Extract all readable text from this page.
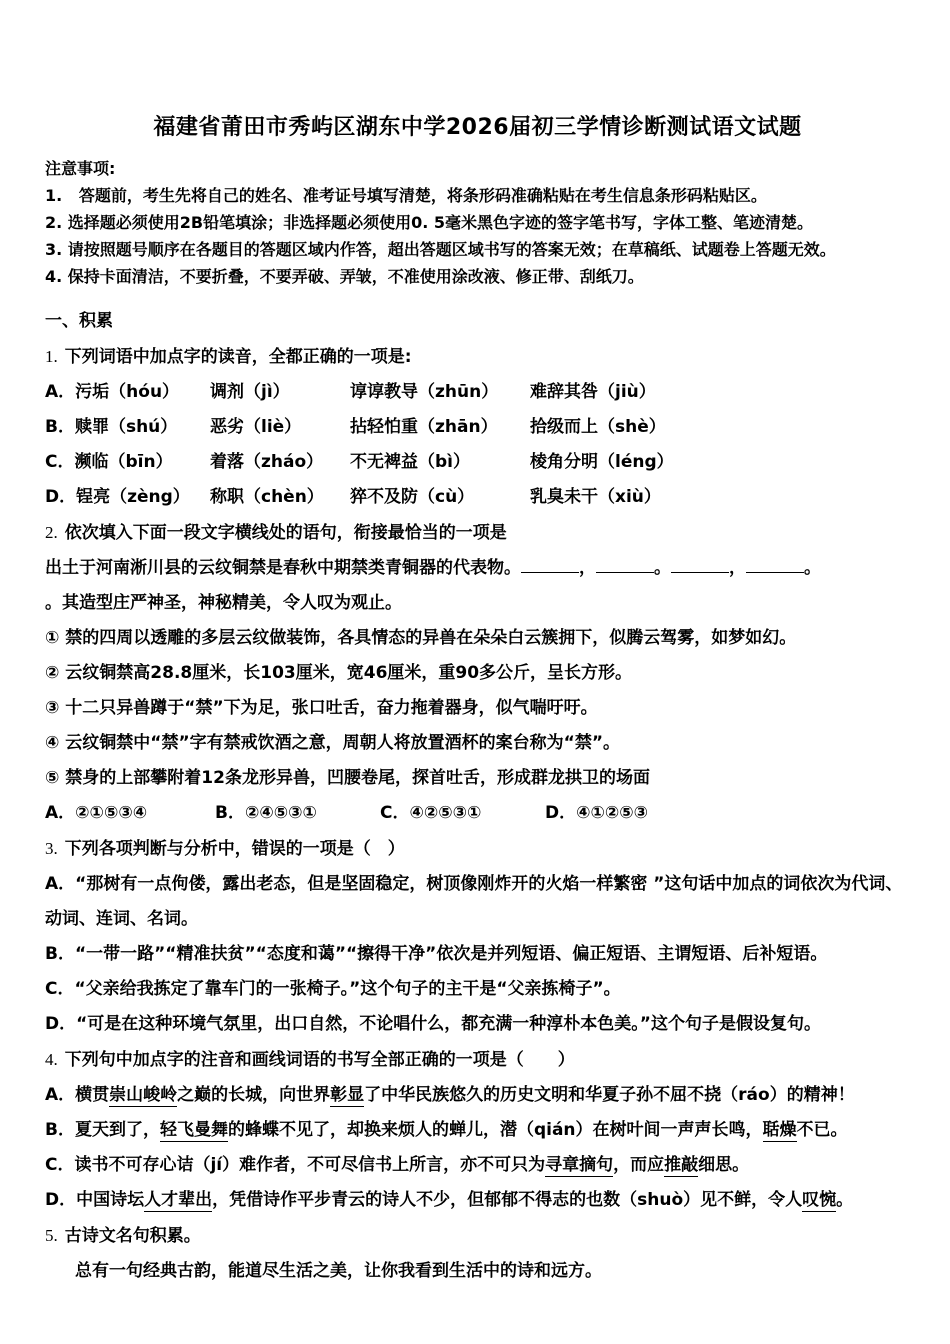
福建省莆田市秀屿区湖东中学2026届初三学情诊断测试语文试题
注意事项:
1.   答题前，考生先将自己的姓名、准考证号填写清楚，将条形码准确粘贴在考生信息条形码粘贴区。
2. 选择题必须使用2B铅笔填涂；非选择题必须使用0. 5毫米黑色字迹的签字笔书写，字体工整、笔迹清楚。
3. 请按照题号顺序在各题目的答题区域内作答，超出答题区域书写的答案无效；在草稿纸、试题卷上答题无效。
4. 保持卡面清洁，不要折叠，不要弄破、弄皱，不准使用涂改液、修正带、刮纸刀。
一、积累
1. 下列词语中加点字的读音，全都正确的一项是:
A．污垢（hóu）	调剂（jì）	谆谆教导（zhūn）	难辞其咎（jiù）
B．赎罪（shú）	恶劣（liè）	拈轻怕重（zhān）	拾级而上（shè）
C．濒临（bīn）	着落（zháo）	不无裨益（bì）	棱角分明（léng）
D．锃亮（zèng）	称职（chèn）	猝不及防（cù）	乳臭未干（xiù）
2. 依次填入下面一段文字横线处的语句，衔接最恰当的一项是
出土于河南淅川县的云纹铜禁是春秋中期禁类青铜器的代表物。	，	。	，	。
。其造型庄严神圣，神秘精美，令人叹为观止。
① 禁的四周以透雕的多层云纹做装饰，各具情态的异兽在朵朵白云簇拥下，似腾云驾雾，如梦如幻。
② 云纹铜禁高28.8厘米，长103厘米，宽46厘米，重90多公斤，呈长方形。
③ 十二只异兽蹲于“禁”下为足，张口吐舌，奋力拖着器身，似气喘吁吁。
④ 云纹铜禁中“禁”字有禁戒饮酒之意，周朝人将放置酒杯的案台称为“禁”。
⑤ 禁身的上部攀附着12条龙形异兽，凹腰卷尾，探首吐舌，形成群龙拱卫的场面
A．②①⑤③④	B．②④⑤③①	C．④②⑤③①	D．④①②⑤③
3. 下列各项判断与分析中，错误的一项是（　）
A．“那树有一点佝偻，露出老态，但是坚固稳定，树顶像刚炸开的火焰一样繁密 ”这句话中加点的词依次为代词、动词、连词、名词。
B．“一带一路”“精准扶贫”“态度和蔼”“擦得干净”依次是并列短语、偏正短语、主谓短语、后补短语。
C．“父亲给我拣定了靠车门的一张椅子。”这个句子的主干是“父亲拣椅子”。
D．“可是在这种环境气氛里，出口自然，不论唱什么，都充满一种淳朴本色美。”这个句子是假设复句。
4. 下列句中加点字的注音和画线词语的书写全部正确的一项是（　　）
A．横贯崇山峻岭之巅的长城，向世界彰显了中华民族悠久的历史文明和华夏子孙不屈不挠（ráo）的精神！
B．夏天到了，轻飞曼舞的蜂蝶不见了，却换来烦人的蝉儿，潜（qián）在树叶间一声声长鸣，聒燥不已。
C．读书不可存心诘（jí）难作者，不可尽信书上所言，亦不可只为寻章摘句，而应推敲细思。
D．中国诗坛人才辈出，凭借诗作平步青云的诗人不少，但郁郁不得志的也数（shuò）见不鲜，令人叹惋。
5. 古诗文名句积累。
总有一句经典古韵，能道尽生活之美，让你我看到生活中的诗和远方。
